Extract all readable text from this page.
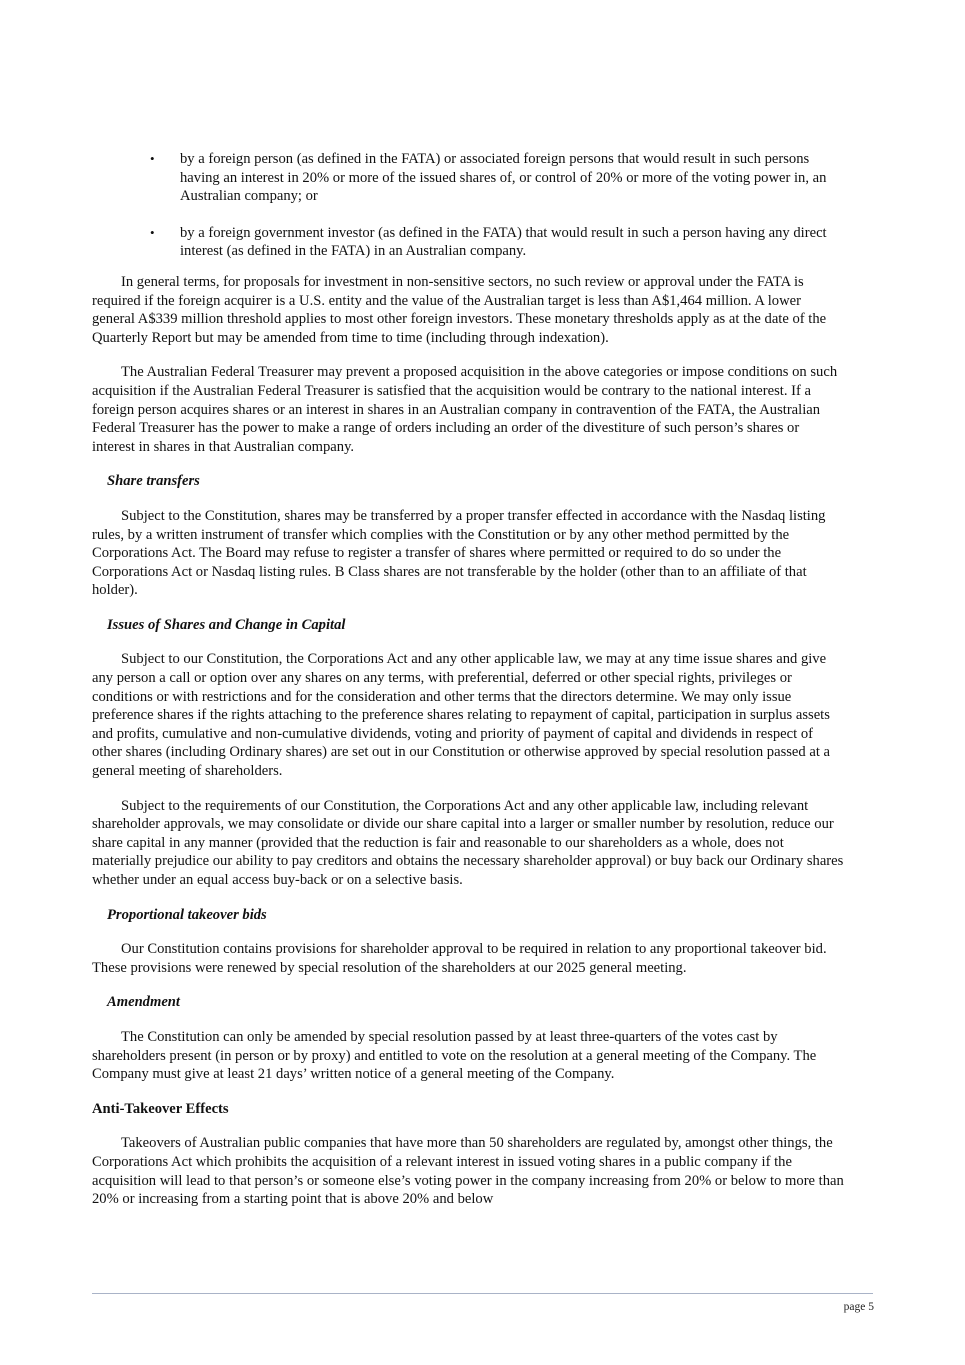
• by a foreign person (as defined in the FATA) or associated foreign persons that would result in such persons having an interest in 20% or more of the issued shares of, or control of 20% or more of the voting power in, an Australian company; or
• by a foreign government investor (as defined in the FATA) that would result in such a person having any direct interest (as defined in the FATA) in an Australian company.

In general terms, for proposals for investment in non-sensitive sectors, no such review or approval under the FATA is required if the foreign acquirer is a U.S. entity and the value of the Australian target is less than A$1,464 million. A lower general A$339 million threshold applies to most other foreign investors. These monetary thresholds apply as at the date of the Quarterly Report but may be amended from time to time (including through indexation).

The Australian Federal Treasurer may prevent a proposed acquisition in the above categories or impose conditions on such acquisition if the Australian Federal Treasurer is satisfied that the acquisition would be contrary to the national interest. If a foreign person acquires shares or an interest in shares in an Australian company in contravention of the FATA, the Australian Federal Treasurer has the power to make a range of orders including an order of the divestiture of such person’s shares or interest in shares in that Australian company.

Share transfers

Subject to the Constitution, shares may be transferred by a proper transfer effected in accordance with the Nasdaq listing rules, by a written instrument of transfer which complies with the Constitution or by any other method permitted by the Corporations Act. The Board may refuse to register a transfer of shares where permitted or required to do so under the Corporations Act or Nasdaq listing rules. B Class shares are not transferable by the holder (other than to an affiliate of that holder).

Issues of Shares and Change in Capital

Subject to our Constitution, the Corporations Act and any other applicable law, we may at any time issue shares and give any person a call or option over any shares on any terms, with preferential, deferred or other special rights, privileges or conditions or with restrictions and for the consideration and other terms that the directors determine. We may only issue preference shares if the rights attaching to the preference shares relating to repayment of capital, participation in surplus assets and profits, cumulative and non-cumulative dividends, voting and priority of payment of capital and dividends in respect of other shares (including Ordinary shares) are set out in our Constitution or otherwise approved by special resolution passed at a general meeting of shareholders.

Subject to the requirements of our Constitution, the Corporations Act and any other applicable law, including relevant shareholder approvals, we may consolidate or divide our share capital into a larger or smaller number by resolution, reduce our share capital in any manner (provided that the reduction is fair and reasonable to our shareholders as a whole, does not materially prejudice our ability to pay creditors and obtains the necessary shareholder approval) or buy back our Ordinary shares whether under an equal access buy-back or on a selective basis.

Proportional takeover bids

Our Constitution contains provisions for shareholder approval to be required in relation to any proportional takeover bid. These provisions were renewed by special resolution of the shareholders at our 2025 general meeting.

Amendment

The Constitution can only be amended by special resolution passed by at least three-quarters of the votes cast by shareholders present (in person or by proxy) and entitled to vote on the resolution at a general meeting of the Company. The Company must give at least 21 days’ written notice of a general meeting of the Company.

Anti-Takeover Effects

Takeovers of Australian public companies that have more than 50 shareholders are regulated by, amongst other things, the Corporations Act which prohibits the acquisition of a relevant interest in issued voting shares in a public company if the acquisition will lead to that person’s or someone else’s voting power in the company increasing from 20% or below to more than 20% or increasing from a starting point that is above 20% and below

page 5
